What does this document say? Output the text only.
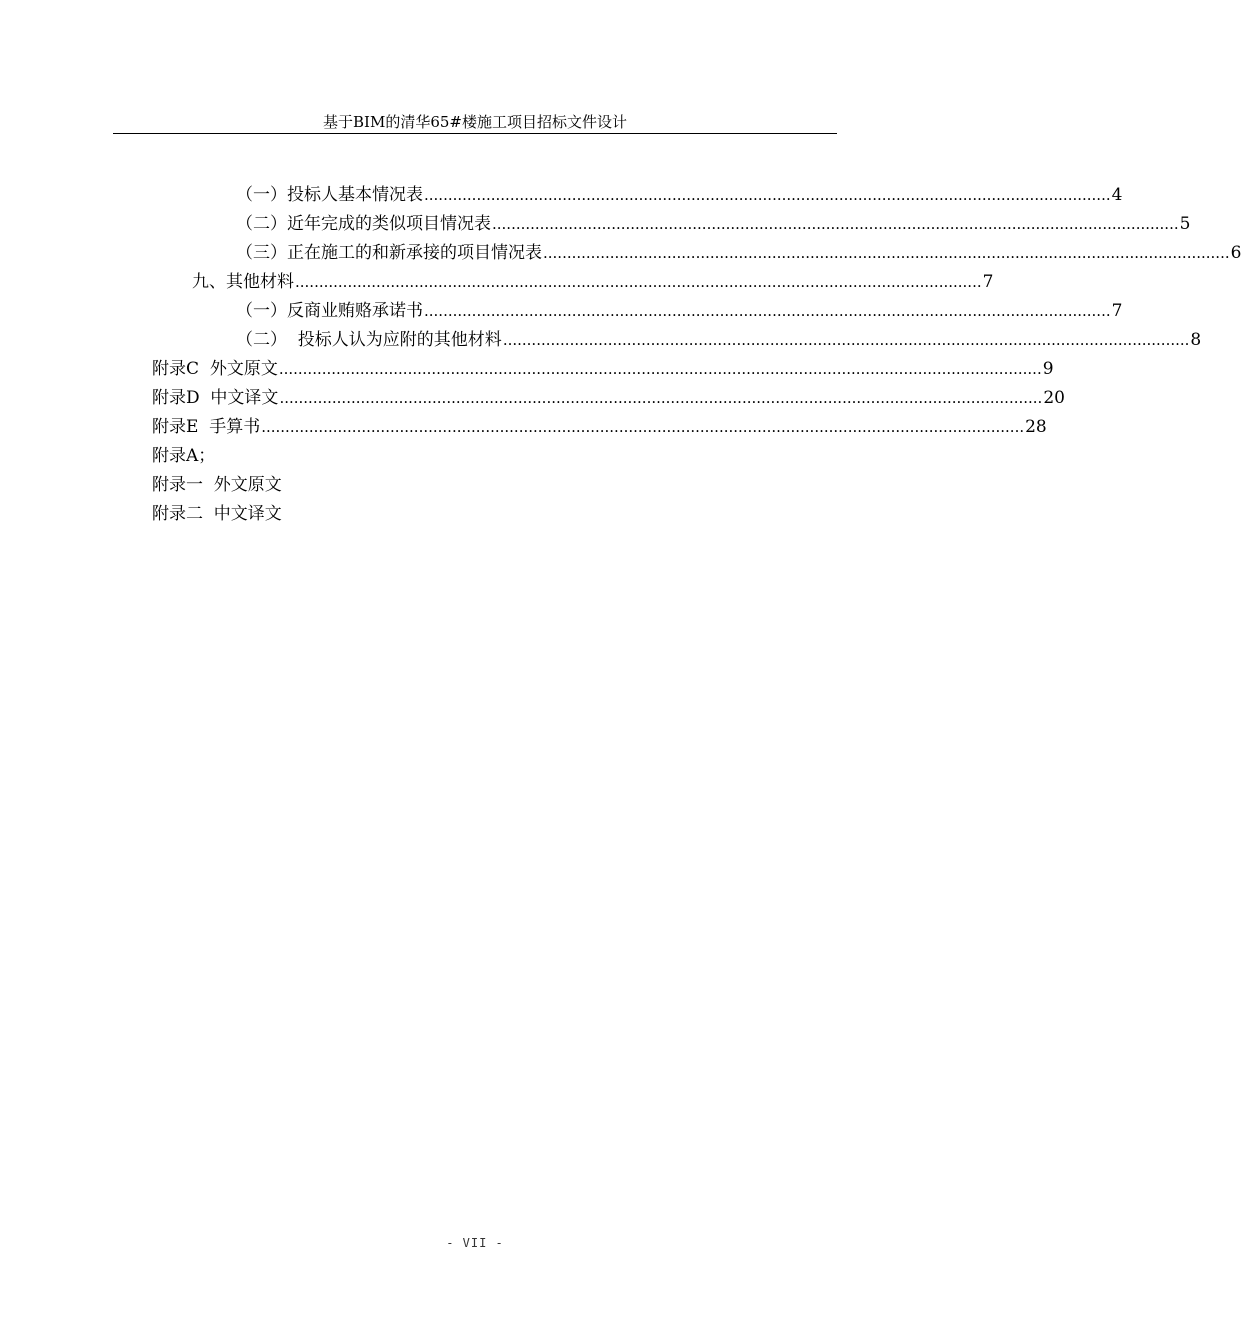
基于BIM的清华65#楼施工项目招标文件设计
（一）投标人基本情况表 ................................................................................................................................................ 4
（二）近年完成的类似项目情况表 ................................................................................................................................................ 5
（三）正在施工的和新承接的项目情况表 ................................................................................................................................................ 6
九、其他材料 ................................................................................................................................................ 7
（一）反商业贿赂承诺书 ................................................................................................................................................ 7
（二）  投标人认为应附的其他材料 ................................................................................................................................................ 8
附录C  外文原文 ................................................................................................................................................................ 9
附录D  中文译文 ................................................................................................................................................................ 20
附录E  手算书 ................................................................................................................................................................ 28
附录A；
附录一  外文原文
附录二  中文译文
- VII -
